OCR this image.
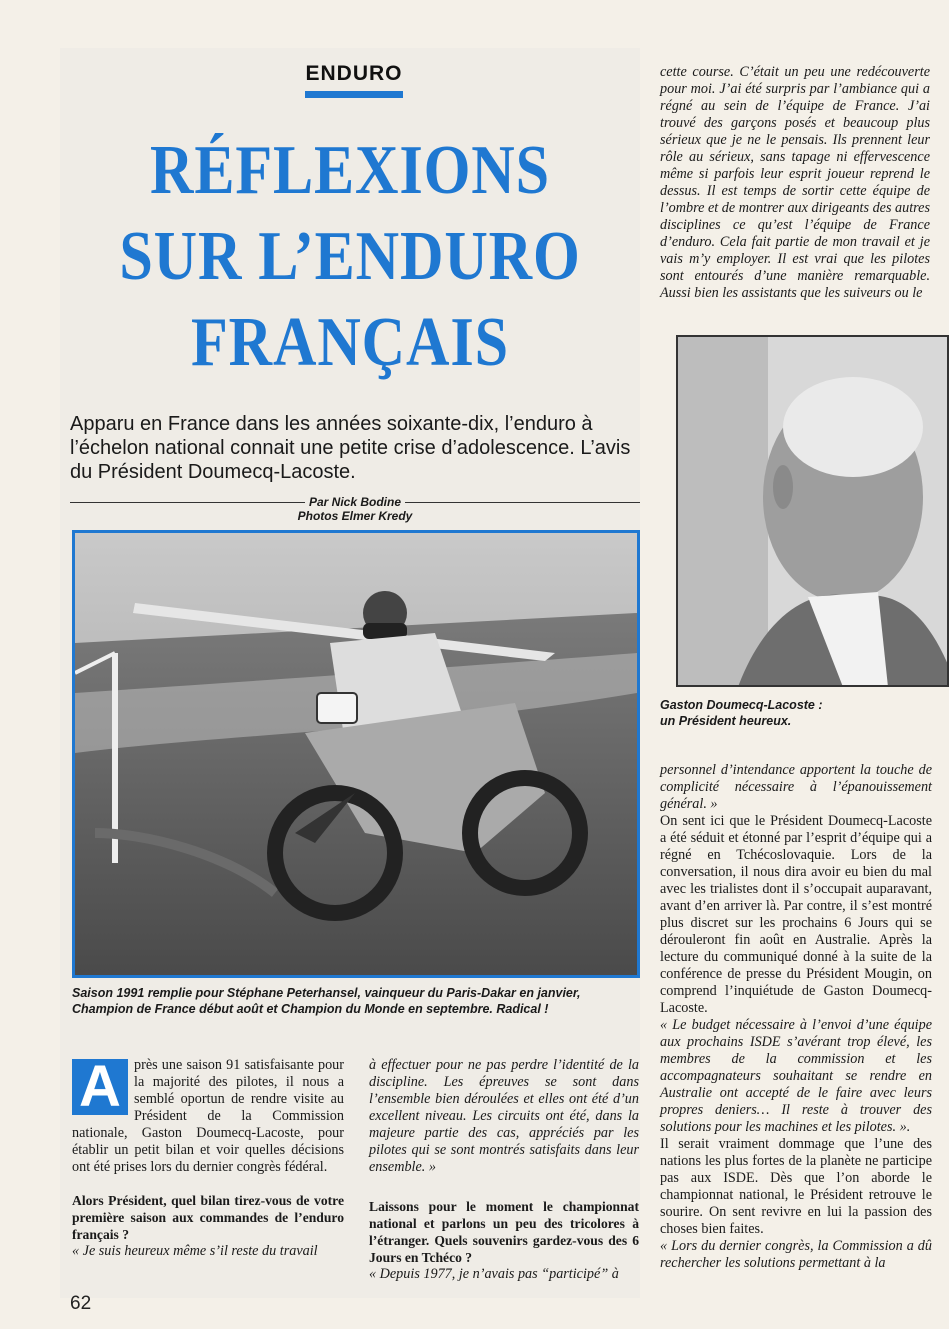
ENDURO
RÉFLEXIONS
SUR L’ENDURO
FRANÇAIS
Apparu en France dans les années soixante-dix, l’enduro à l’échelon national connait une petite crise d’adolescence. L’avis du Président Doumecq-Lacoste.
Par Nick Bodine
Photos Elmer Kredy
Saison 1991 remplie pour Stéphane Peterhansel, vainqueur du Paris-Dakar en janvier, Champion de France début août et Champion du Monde en septembre. Radical !
A près une saison 91 satisfaisante pour la majorité des pilotes, il nous a semblé oportun de rendre visite au Président de la Commission nationale, Gaston Doumecq-Lacoste, pour établir un petit bilan et voir quelles décisions ont été prises lors du dernier congrès fédéral.

Alors Président, quel bilan tirez-vous de votre première saison aux commandes de l’enduro français ?

« Je suis heureux même s’il reste du travail

à effectuer pour ne pas perdre l’identité de la discipline. Les épreuves se sont dans l’ensemble bien déroulées et elles ont été d’un excellent niveau. Les circuits ont été, dans la majeure partie des cas, appréciés par les pilotes qui se sont montrés satisfaits dans leur ensemble. »

Laissons pour le moment le championnat national et parlons un peu des tricolores à l’étranger. Quels souvenirs gardez-vous des 6 Jours en Tchéco ?

« Depuis 1977, je n’avais pas “participé” à

cette course. C’était un peu une redécouverte pour moi. J’ai été surpris par l’ambiance qui a régné au sein de l’équipe de France. J’ai trouvé des garçons posés et beaucoup plus sérieux que je ne le pensais. Ils prennent leur rôle au sérieux, sans tapage ni effervescence même si parfois leur esprit joueur reprend le dessus. Il est temps de sortir cette équipe de l’ombre et de montrer aux dirigeants des autres disciplines ce qu’est l’équipe de France d’enduro. Cela fait partie de mon travail et je vais m’y employer. Il est vrai que les pilotes sont entourés d’une manière remarquable. Aussi bien les assistants que les suiveurs ou le
Gaston Doumecq-Lacoste :
un Président heureux.

personnel d’intendance apportent la touche de complicité nécessaire à l’épanouissement général. »

On sent ici que le Président Doumecq-Lacoste a été séduit et étonné par l’esprit d’équipe qui a régné en Tchécoslovaquie. Lors de la conversation, il nous dira avoir eu bien du mal avec les trialistes dont il s’occupait auparavant, avant d’en arriver là. Par contre, il s’est montré plus discret sur les prochains 6 Jours qui se dérouleront fin août en Australie. Après la lecture du communiqué donné à la suite de la conférence de presse du Président Mougin, on comprend l’inquiétude de Gaston Doumecq-Lacoste.

« Le budget nécessaire à l’envoi d’une équipe aux prochains ISDE s’avérant trop élevé, les membres de la commission et les accompagnateurs souhaitant se rendre en Australie ont accepté de le faire avec leurs propres deniers… Il reste à trouver des solutions pour les machines et les pilotes. ».

Il serait vraiment dommage que l’une des nations les plus fortes de la planète ne participe pas aux ISDE. Dès que l’on aborde le championnat national, le Président retrouve le sourire. On sent revivre en lui la passion des choses bien faites.

« Lors du dernier congrès, la Commission a dû rechercher les solutions permettant à la

62
